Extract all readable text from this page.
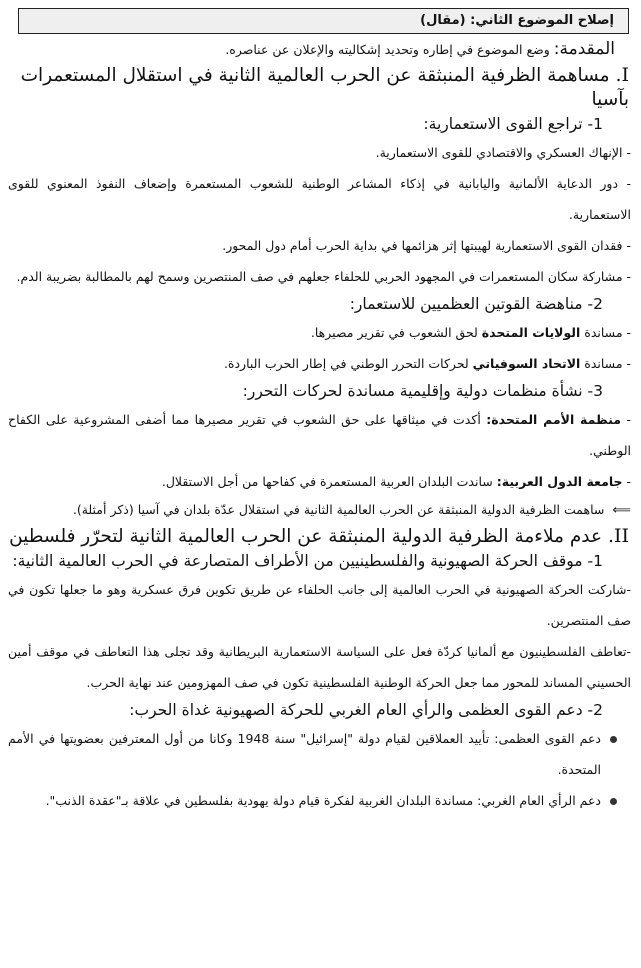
إصلاح الموضوع الثاني: (مقال)

المقدمة: وضع الموضوع في إطاره وتحديد إشكاليته والإعلان عن عناصره.

I. مساهمة الظرفية المنبثقة عن الحرب العالمية الثانية في استقلال المستعمرات بآسيا
1- تراجع القوى الاستعمارية:

- الإنهاك العسكري والاقتصادي للقوى الاستعمارية.

- دور الدعاية الألمانية واليابانية في إذكاء المشاعر الوطنية للشعوب المستعمرة وإضعاف النفوذ المعنوي للقوى الاستعمارية.

- فقدان القوى الاستعمارية لهيبتها إثر هزائمها في بداية الحرب أمام دول المحور.

- مشاركة سكان المستعمرات في المجهود الحربي للحلفاء جعلهم في صف المنتصرين وسمح لهم بالمطالبة بضريبة الدم.

2- مناهضة القوتين العظميين للاستعمار:

- مساندة الولايات المتحدة لحق الشعوب في تقرير مصيرها.

- مساندة الاتحاد السوفياتي لحركات التحرر الوطني في إطار الحرب الباردة.

3- نشأة منظمات دولية وإقليمية مساندة لحركات التحرر:

- منظمة الأمم المتحدة: أكدت في ميثاقها على حق الشعوب في تقرير مصيرها مما أضفى المشروعية على الكفاح الوطني.

- جامعة الدول العربية: ساندت البلدان العربية المستعمرة في كفاحها من أجل الاستقلال.

⟸ ساهمت الظرفية الدولية المنبثقة عن الحرب العالمية الثانية في استقلال عدّة بلدان في آسيا (ذكر أمثلة).

II. عدم ملاءمة الظرفية الدولية المنبثقة عن الحرب العالمية الثانية لتحرّر فلسطين
1- موقف الحركة الصهيونية والفلسطينيين من الأطراف المتصارعة في الحرب العالمية الثانية:

-شاركت الحركة الصهيونية في الحرب العالمية إلى جانب الحلفاء عن طريق تكوين فرق عسكرية وهو ما جعلها تكون في صف المنتصرين.

-تعاطف الفلسطينيون مع ألمانيا كردّة فعل على السياسة الاستعمارية البريطانية وقد تجلى هذا التعاطف في موقف أمين الحسيني المساند للمحور مما جعل الحركة الوطنية الفلسطينية تكون في صف المهزومين عند نهاية الحرب.

2- دعم القوى العظمى والرأي العام الغربي للحركة الصهيونية غداة الحرب:
دعم القوى العظمى: تأييد العملاقين لقيام دولة "إسرائيل" سنة 1948 وكانا من أول المعترفين بعضويتها في الأمم المتحدة.
دعم الرأي العام الغربي: مساندة البلدان الغربية لفكرة قيام دولة يهودية بفلسطين في علاقة بـ"عقدة الذنب".
